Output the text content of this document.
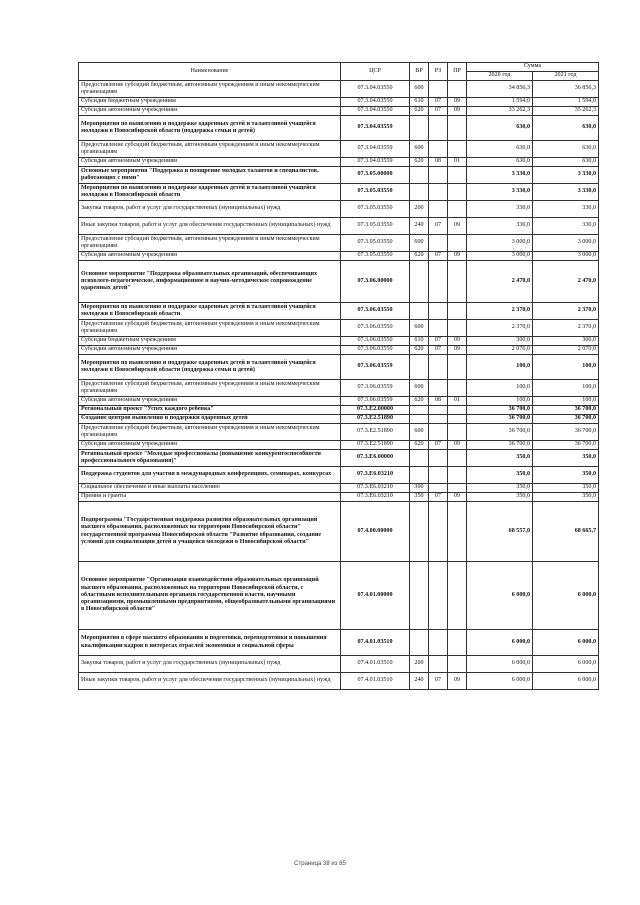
Наименование	ЦСР	ВР	РЗ	ПР	Сумма	
					2020 год	2021 год
Предоставление субсидий бюджетным, автономным учреждениям и иным некоммерческим организациям	07.3.04.03550	600			34 856,3	36 856,3
Субсидии бюджетным учреждениям	07.3.04.03550	610	07	09	1 594,0	1 594,0
Субсидии автономным учреждениям	07.3.04.03550	620	07	09	33 262,3	35 262,3
Мероприятия по выявлению и поддержке одаренных детей и талантливой учащейся молодежи в Новосибирской области (поддержка семьи и детей)	07.3.04.03559				630,0	630,0
Предоставление субсидий бюджетным, автономным учреждениям и иным некоммерческим организациям	07.3.04.03559	600			630,0	630,0
Субсидии автономным учреждениям	07.3.04.03559	620	08	01	630,0	630,0
Основные мероприятия "Поддержка и поощрение молодых талантов и специалистов, работающих с ними"	07.3.05.00000				3 330,0	3 330,0
Мероприятия по выявлению и поддержке одаренных детей и талантливой учащейся молодежи в Новосибирской области	07.3.05.03550				3 330,0	3 330,0
Закупка товаров, работ и услуг для государственных (муниципальных) нужд	07.3.05.03550	200			330,0	330,0
Иные закупки товаров, работ и услуг для обеспечения государственных (муниципальных) нужд	07.3.05.03550	240	07	09	330,0	330,0
Предоставление субсидий бюджетным, автономным учреждениям и иным некоммерческим организациям	07.3.05.03550	600			3 000,0	3 000,0
Субсидии автономным учреждениям	07.3.05.03550	620	07	09	3 000,0	3 000,0
Основное мероприятие "Поддержка образовательных организаций, обеспечивающих психолого-педагогическое, информационное и научно-методическое сопровождение одаренных детей"	07.3.06.00000				2 470,0	2 470,0
Мероприятия по выявлению и поддержке одаренных детей и талантливой учащейся молодежи в Новосибирской области	07.3.06.03550				2 370,0	2 370,0
Предоставление субсидий бюджетным, автономным учреждениям и иным некоммерческим организациям	07.3.06.03550	600			2 370,0	2 370,0
Субсидии бюджетным учреждениям	07.3.06.03550	610	07	09	300,0	300,0
Субсидии автономным учреждениям	07.3.06.03550	620	07	09	2 070,0	2 070,0
Мероприятия по выявлению и поддержке одаренных детей и талантливой учащейся молодежи в Новосибирской области (поддержка семьи и детей)	07.3.06.03559				100,0	100,0
Предоставление субсидий бюджетным, автономным учреждениям и иным некоммерческим организациям	07.3.06.03559	600			100,0	100,0
Субсидии автономным учреждениям	07.3.06.03559	620	08	01	100,0	100,0
Региональный проект "Успех каждого ребенка"	07.3.E2.00000				36 700,0	36 700,0
Создание центров выявления и поддержки одаренных детей	07.3.E2.51890				36 700,0	36 700,0
Предоставление субсидий бюджетным, автономным учреждениям и иным некоммерческим организациям	07.3.E2.51890	600			36 700,0	36 700,0
Субсидии автономным учреждениям	07.3.E2.51890	620	07	09	36 700,0	36 700,0
Региональный проект "Молодые профессионалы (повышение конкурентоспособности профессионального образования)"	07.3.E6.00000				350,0	350,0
Поддержка студентов для участия в международных конференциях, семинарах, конкурсах	07.3.E6.03210				350,0	350,0
Социальное обеспечение и иные выплаты населению	07.3.E6.03210	300			350,0	350,0
Премии и гранты	07.3.E6.03210	350	07	09	350,0	350,0
Подпрограмма "Государственная поддержка развития образовательных организаций высшего образования, расположенных на территории Новосибирской области" государственной программы Новосибирской области "Развитие образования, создание условий для социализации детей и учащейся молодежи в Новосибирской области"	07.4.00.00000				68 557,0	68 665,7
Основное мероприятие "Организация взаимодействия образовательных организаций высшего образования, расположенных на территории Новосибирской области, с областными исполнительными органами государственной власти, научными организациями, промышленными предприятиями, общеобразовательными организациями в Новосибирской области"	07.4.01.00000				6 000,0	6 000,0
Мероприятия в сфере высшего образования и подготовки, переподготовки и повышения квалификации кадров в интересах отраслей экономики и социальной сферы	07.4.01.03510				6 000,0	6 000,0
Закупка товаров, работ и услуг для государственных (муниципальных) нужд	07.4.01.03510	200			6 000,0	6 000,0
Иные закупки товаров, работ и услуг для обеспечения государственных (муниципальных) нужд	07.4.01.03510	240	07	09	6 000,0	6 000,0
Страница 38 из 85
